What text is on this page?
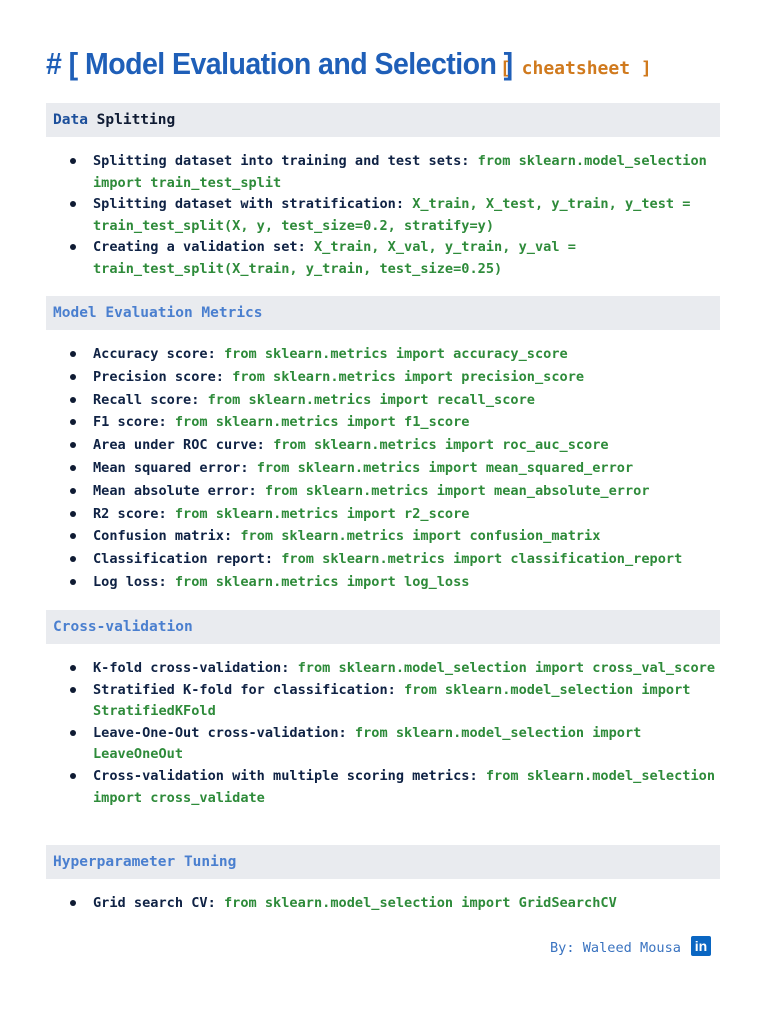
# [ Model Evaluation and Selection ]
[ cheatsheet ]
Data Splitting
Splitting dataset into training and test sets: from sklearn.model_selection import train_test_split
Splitting dataset with stratification: X_train, X_test, y_train, y_test = train_test_split(X, y, test_size=0.2, stratify=y)
Creating a validation set: X_train, X_val, y_train, y_val = train_test_split(X_train, y_train, test_size=0.25)
Model Evaluation Metrics
Accuracy score: from sklearn.metrics import accuracy_score
Precision score: from sklearn.metrics import precision_score
Recall score: from sklearn.metrics import recall_score
F1 score: from sklearn.metrics import f1_score
Area under ROC curve: from sklearn.metrics import roc_auc_score
Mean squared error: from sklearn.metrics import mean_squared_error
Mean absolute error: from sklearn.metrics import mean_absolute_error
R2 score: from sklearn.metrics import r2_score
Confusion matrix: from sklearn.metrics import confusion_matrix
Classification report: from sklearn.metrics import classification_report
Log loss: from sklearn.metrics import log_loss
Cross-validation
K-fold cross-validation: from sklearn.model_selection import cross_val_score
Stratified K-fold for classification: from sklearn.model_selection import StratifiedKFold
Leave-One-Out cross-validation: from sklearn.model_selection import LeaveOneOut
Cross-validation with multiple scoring metrics: from sklearn.model_selection import cross_validate
Hyperparameter Tuning
Grid search CV: from sklearn.model_selection import GridSearchCV
By: Waleed Mousa in
